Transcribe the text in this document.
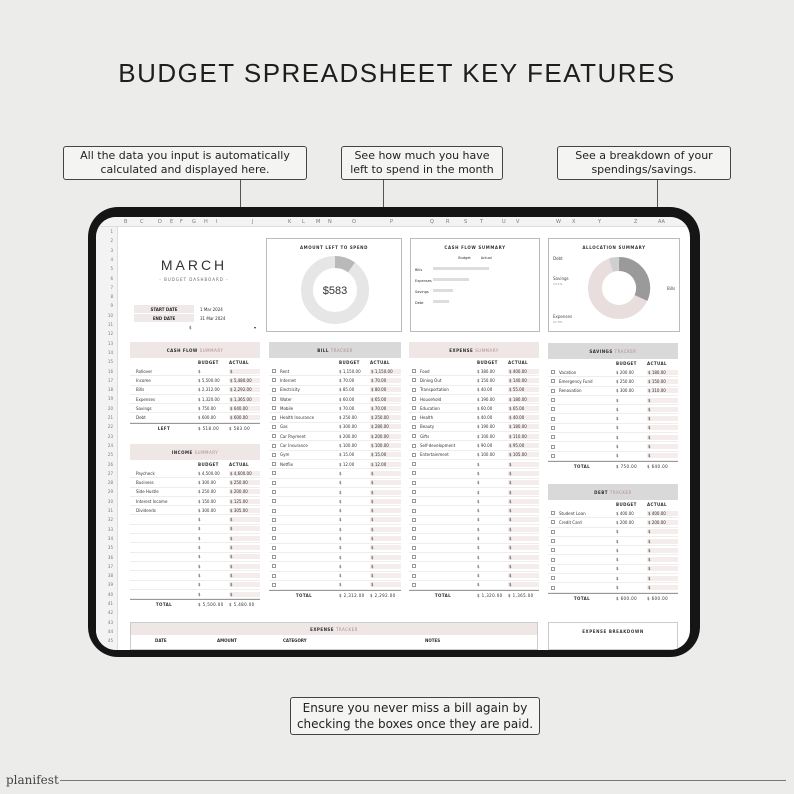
BUDGET SPREADSHEET KEY FEATURES
All the data you input is automatically calculated and displayed here.
See how much you have left to spend in the month
See a breakdown of your spendings/savings.
Ensure you never miss a bill again by checking the boxes once they are paid.
B	C	D E F G H I	J	K L M N	O	P	Q R	S	T	U V	W X	Y	Z	AA
1
2
3
4
5
6
7
8
9
10
11
12
13
14
15
16
17
18
19
20
21
22
23
24
25
26
27
28
29
30
31
32
33
34
35
36
37
38
39
40
41
42
43
44
45
MARCH
- BUDGET DASHBOARD -
START DATE	1 Mar 2024
END DATE	31 Mar 2024
$	▾
AMOUNT LEFT TO SPEND
$583
CASH FLOW SUMMARY
Budget	Actual
Bills
Expenses
Savings
Debt
ALLOCATION SUMMARY
Debt
Savings
13.1%
Bills
Expenses
27.3%
CASH FLOW
SUMMARY
BUDGET	ACTUAL
Rollover	$	$
Income	$ 5,500.00	$ 5,480.00
Bills	$ 2,312.00	$ 2,292.00
Expenses	$ 1,320.00	$ 1,365.00
Savings	$ 750.00	$ 640.00
Debt	$ 600.00	$ 600.00
LEFT	$ 518.00	$ 583.00
INCOME
SUMMARY
BUDGET	ACTUAL
Paycheck	$ 4,500.00	$ 4,600.00
Business	$ 300.00	$ 250.00
Side Hustle	$ 250.00	$ 200.00
Interest Income	$ 150.00	$ 125.00
Dividends	$ 300.00	$ 305.00
$	$
$	$
$	$
$	$
$	$
$	$
$	$
$	$
$	$
TOTAL	$ 5,500.00	$ 5,480.00
BILL
TRACKER
BUDGET	ACTUAL
Rent	$ 1,150.00	$ 1,150.00
Internet	$ 70.00	$ 70.00
Electricity	$ 85.00	$ 80.00
Water	$ 60.00	$ 65.00
Mobile	$ 70.00	$ 70.00
Health Insurance	$ 250.00	$ 250.00
Gas	$ 300.00	$ 280.00
Car Payment	$ 200.00	$ 200.00
Car Insurance	$ 100.00	$ 100.00
Gym	$ 15.00	$ 15.00
Netflix	$ 12.00	$ 12.00
$	$
$	$
$	$
$	$
$	$
$	$
$	$
$	$
$	$
$	$
$	$
$	$
$	$
TOTAL	$ 2,312.00	$ 2,292.00
EXPENSE
SUMMARY
BUDGET	ACTUAL
Food	$ 380.00	$ 400.00
Dining Out	$ 150.00	$ 140.00
Transportation	$ 40.00	$ 55.00
Household	$ 190.00	$ 180.00
Education	$ 60.00	$ 65.00
Health	$ 40.00	$ 40.00
Beauty	$ 190.00	$ 180.00
Gifts	$ 100.00	$ 110.00
Self-development	$ 90.00	$ 95.00
Entertainment	$ 100.00	$ 105.00
$	$
$	$
$	$
$	$
$	$
$	$
$	$
$	$
$	$
$	$
$	$
$	$
$	$
$	$
TOTAL	$ 1,320.00	$ 1,365.00
SAVINGS
TRACKER
BUDGET	ACTUAL
Vacation	$ 200.00	$ 180.00
Emergency Fund	$ 250.00	$ 150.00
Renovation	$ 300.00	$ 310.00
$	$
$	$
$	$
$	$
$	$
$	$
$	$
TOTAL	$ 750.00	$ 640.00
DEBT
TRACKER
BUDGET	ACTUAL
Student Loan	$ 400.00	$ 400.00
Credit Card	$ 200.00	$ 200.00
$	$
$	$
$	$
$	$
$	$
$	$
$	$
TOTAL	$ 600.00	$ 600.00
EXPENSE
TRACKER
DATE	AMOUNT	CATEGORY	NOTES
EXPENSE BREAKDOWN
planifest
